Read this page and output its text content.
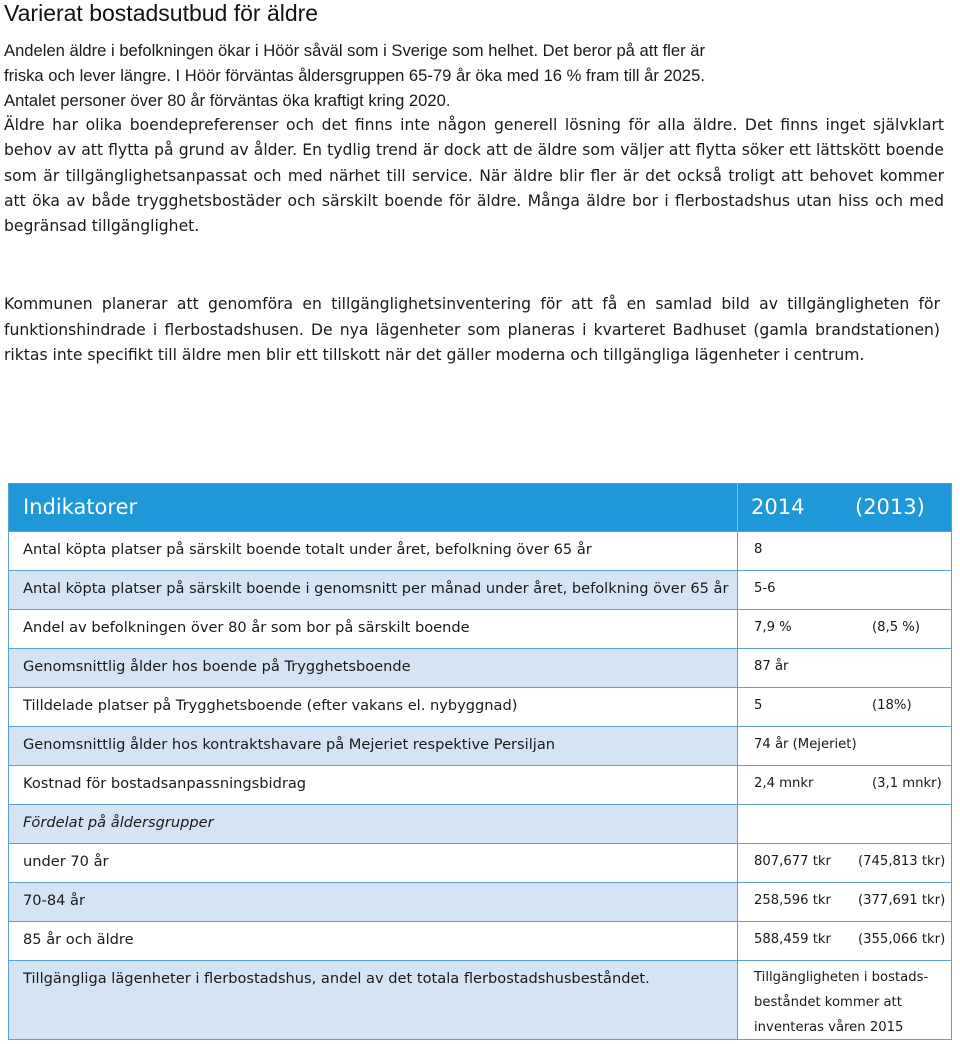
Varierat bostadsutbud för äldre

Andelen äldre i befolkningen ökar i Höör såväl som i Sverige som helhet. Det beror på att fler är friska och lever längre. I Höör förväntas åldersgruppen 65-79 år öka med 16 % fram till år 2025. Antalet personer över 80 år förväntas öka kraftigt kring 2020.

Äldre har olika boendepreferenser och det finns inte någon generell lösning för alla äldre. Det finns inget självklart behov av att flytta på grund av ålder. En tydlig trend är dock att de äldre som väljer att flytta söker ett lättskött boende som är tillgänglighetsanpassat och med närhet till service. När äldre blir fler är det också troligt att behovet kommer att öka av både trygghetsbostäder och särskilt boende för äldre. Många äldre bor i flerbostadshus utan hiss och med begränsad tillgänglighet.

Kommunen planerar att genomföra en tillgänglighetsinventering för att få en samlad bild av tillgängligheten för funktionshindrade i flerbostadshusen. De nya lägenheter som planeras i kvarteret Badhuset (gamla brandstationen) riktas inte specifikt till äldre men blir ett tillskott när det gäller moderna och tillgängliga lägenheter i centrum.

Indikatorer	2014 (2013)
Antal köpta platser på särskilt boende totalt under året, befolkning över 65 år	8
Antal köpta platser på särskilt boende i genomsnitt per månad under året, befolkning över 65 år 5-6
Andel av befolkningen över 80 år som bor på särskilt boende	7,9 %	(8,5 %)
Genomsnittlig ålder hos boende på Trygghetsboende	87 år
Tilldelade platser på Trygghetsboende (efter vakans el. nybyggnad)	5	(18%)
Genomsnittlig ålder hos kontraktshavare på Mejeriet respektive Persiljan	74 år (Mejeriet)
Kostnad för bostadsanpassningsbidrag	2,4 mnkr	(3,1 mnkr)
Fördelat på åldersgrupper
under 70 år	807,677 tkr (745,813 tkr)
70-84 år	258,596 tkr (377,691 tkr)
85 år och äldre	588,459 tkr (355,066 tkr)
Tillgängliga lägenheter i flerbostadshus, andel av det totala flerbostadshusbeståndet.	Tillgängligheten i bostads-beståndet kommer att inventeras våren 2015
